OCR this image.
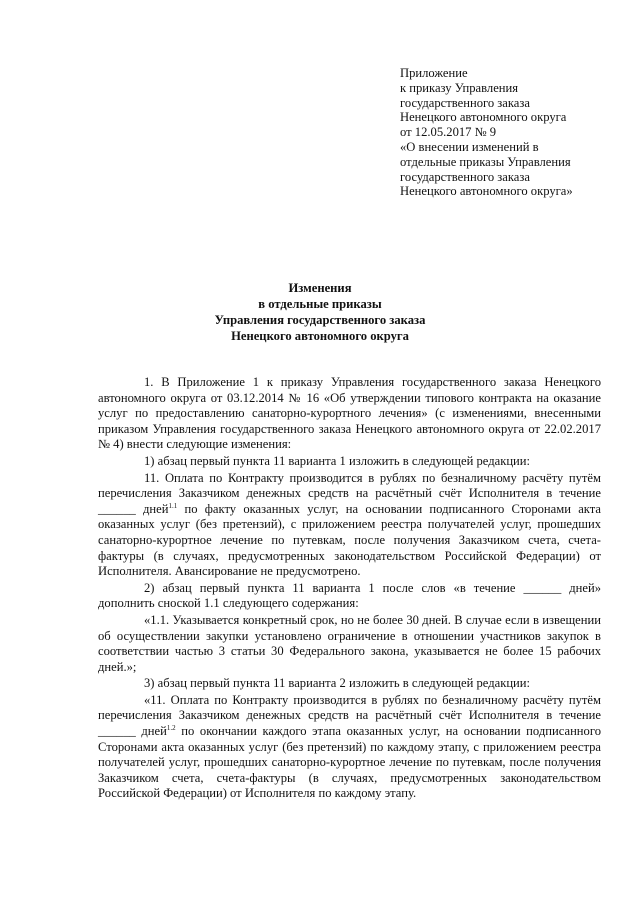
Приложение
к приказу Управления
государственного заказа
Ненецкого автономного округа
от 12.05.2017 № 9
«О внесении изменений в
отдельные приказы Управления
государственного заказа
Ненецкого автономного округа»
Изменения
в отдельные приказы
Управления государственного заказа
Ненецкого автономного округа

1. В Приложение 1 к приказу Управления государственного заказа Ненецкого автономного округа от 03.12.2014 № 16 «Об утверждении типового контракта на оказание услуг по предоставлению санаторно-курортного лечения» (с изменениями, внесенными приказом Управления государственного заказа Ненецкого автономного округа от 22.02.2017 № 4) внести следующие изменения:

1) абзац первый пункта 11 варианта 1 изложить в следующей редакции:

11. Оплата по Контракту производится в рублях по безналичному расчёту путём перечисления Заказчиком денежных средств на расчётный счёт Исполнителя в течение ______ дней$^{1.1}$ по факту оказанных услуг, на основании подписанного Сторонами акта оказанных услуг (без претензий), с приложением реестра получателей услуг, прошедших санаторно-курортное лечение по путевкам, после получения Заказчиком счета, счета-фактуры (в случаях, предусмотренных законодательством Российской Федерации) от Исполнителя. Авансирование не предусмотрено.

2) абзац первый пункта 11 варианта 1 после слов «в течение ______ дней» дополнить сноской 1.1 следующего содержания:

«1.1. Указывается конкретный срок, но не более 30 дней. В случае если в извещении об осуществлении закупки установлено ограничение в отношении участников закупок в соответствии частью 3 статьи 30 Федерального закона, указывается не более 15 рабочих дней.»;

3) абзац первый пункта 11 варианта 2 изложить в следующей редакции:

«11. Оплата по Контракту производится в рублях по безналичному расчёту путём перечисления Заказчиком денежных средств на расчётный счёт Исполнителя в течение ______ дней$^{1.2}$ по окончании каждого этапа оказанных услуг, на основании подписанного Сторонами акта оказанных услуг (без претензий) по каждому этапу, с приложением реестра получателей услуг, прошедших санаторно-курортное лечение по путевкам, после получения Заказчиком счета, счета-фактуры (в случаях, предусмотренных законодательством Российской Федерации) от Исполнителя по каждому этапу.
